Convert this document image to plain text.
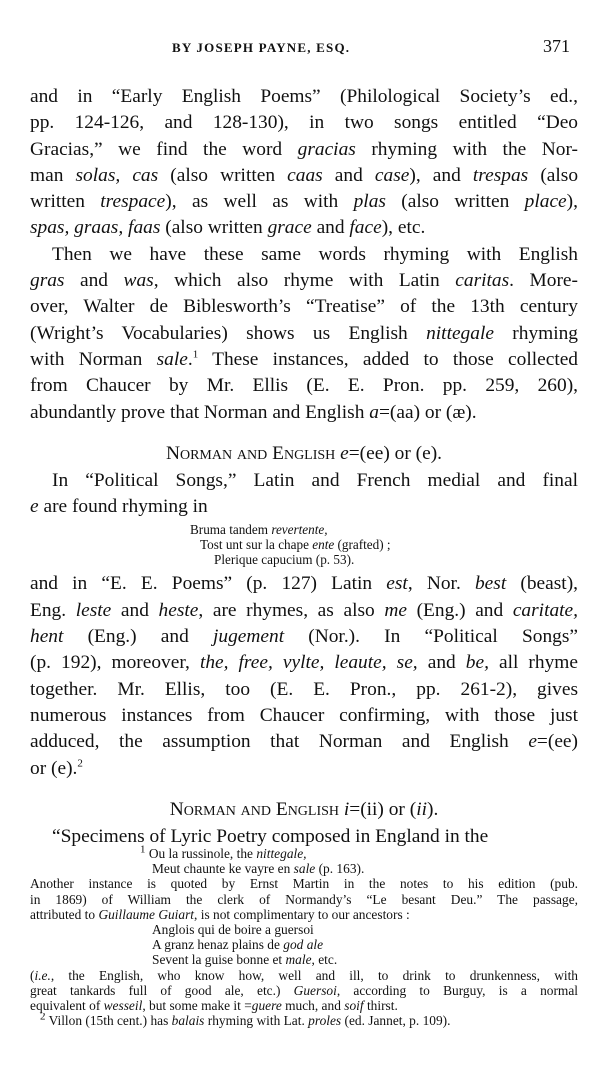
BY JOSEPH PAYNE, ESQ.	371
and in “Early English Poems” (Philological Society’s ed.,
pp. 124-126, and 128-130), in two songs entitled “Deo
Gracias,” we find the word gracias rhyming with the Nor-
man solas, cas (also written caas and case), and trespas (also
written trespace), as well as with plas (also written place),
spas, graas, faas (also written grace and face), etc.
Then we have these same words rhyming with English
gras and was, which also rhyme with Latin caritas. More-
over, Walter de Biblesworth’s “Treatise” of the 13th century
(Wright’s Vocabularies) shows us English nittegale rhyming
with Norman sale.$^1$ These instances, added to those collected
from Chaucer by Mr. Ellis (E. E. Pron. pp. 259, 260),
abundantly prove that Norman and English a=(aa) or (æ).
Norman and English e=(ee) or (e).
In “Political Songs,” Latin and French medial and final
e are found rhyming in
Bruma tandem revertente,
Tost unt sur la chape ente (grafted) ;
Plerique capucium (p. 53).
and in “E. E. Poems” (p. 127) Latin est, Nor. best (beast),
Eng. leste and heste, are rhymes, as also me (Eng.) and caritate,
hent (Eng.) and jugement (Nor.). In “Political Songs”
(p. 192), moreover, the, free, vylte, leaute, se, and be, all rhyme
together. Mr. Ellis, too (E. E. Pron., pp. 261-2), gives
numerous instances from Chaucer confirming, with those just
adduced, the assumption that Norman and English e=(ee)
or (e).$^2$
Norman and English i=(ii) or (ii).
“Specimens of Lyric Poetry composed in England in the
$^1$ Ou la russinole, the nittegale,
Meut chaunte ke vayre en sale (p. 163).
Another instance is quoted by Ernst Martin in the notes to his edition (pub.
in 1869) of William the clerk of Normandy’s “Le besant Deu.” The passage,
attributed to Guillaume Guiart, is not complimentary to our ancestors :
Anglois qui de boire a guersoi
A granz henaz plains de god ale
Sevent la guise bonne et male, etc.
(i.e., the English, who know how, well and ill, to drink to drunkenness, with
great tankards full of good ale, etc.) Guersoi, according to Burguy, is a normal
equivalent of wesseil, but some make it =guere much, and soif thirst.
$^2$ Villon (15th cent.) has balais rhyming with Lat. proles (ed. Jannet, p. 109).
